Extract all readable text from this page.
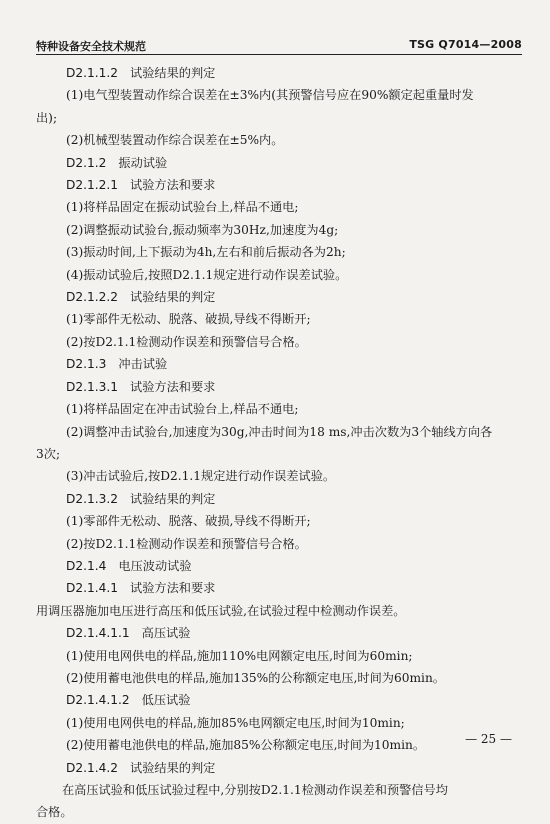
特种设备安全技术规范	TSG Q7014—2008
D2.1.1.2 试验结果的判定
(1)电气型装置动作综合误差在±3%内(其预警信号应在90%额定起重量时发
出);
(2)机械型装置动作综合误差在±5%内。
D2.1.2 振动试验
D2.1.2.1 试验方法和要求
(1)将样品固定在振动试验台上,样品不通电;
(2)调整振动试验台,振动频率为30Hz,加速度为4g;
(3)振动时间,上下振动为4h,左右和前后振动各为2h;
(4)振动试验后,按照D2.1.1规定进行动作误差试验。
D2.1.2.2 试验结果的判定
(1)零部件无松动、脱落、破损,导线不得断开;
(2)按D2.1.1检测动作误差和预警信号合格。
D2.1.3 冲击试验
D2.1.3.1 试验方法和要求
(1)将样品固定在冲击试验台上,样品不通电;
(2)调整冲击试验台,加速度为30g,冲击时间为18 ms,冲击次数为3个轴线方向各
3次;
(3)冲击试验后,按D2.1.1规定进行动作误差试验。
D2.1.3.2 试验结果的判定
(1)零部件无松动、脱落、破损,导线不得断开;
(2)按D2.1.1检测动作误差和预警信号合格。
D2.1.4 电压波动试验
D2.1.4.1 试验方法和要求
用调压器施加电压进行高压和低压试验,在试验过程中检测动作误差。
D2.1.4.1.1 高压试验
(1)使用电网供电的样品,施加110%电网额定电压,时间为60min;
(2)使用蓄电池供电的样品,施加135%的公称额定电压,时间为60min。
D2.1.4.1.2 低压试验
(1)使用电网供电的样品,施加85%电网额定电压,时间为10min;
(2)使用蓄电池供电的样品,施加85%公称额定电压,时间为10min。
D2.1.4.2 试验结果的判定
在高压试验和低压试验过程中,分别按D2.1.1检测动作误差和预警信号均
合格。
— 25 —
